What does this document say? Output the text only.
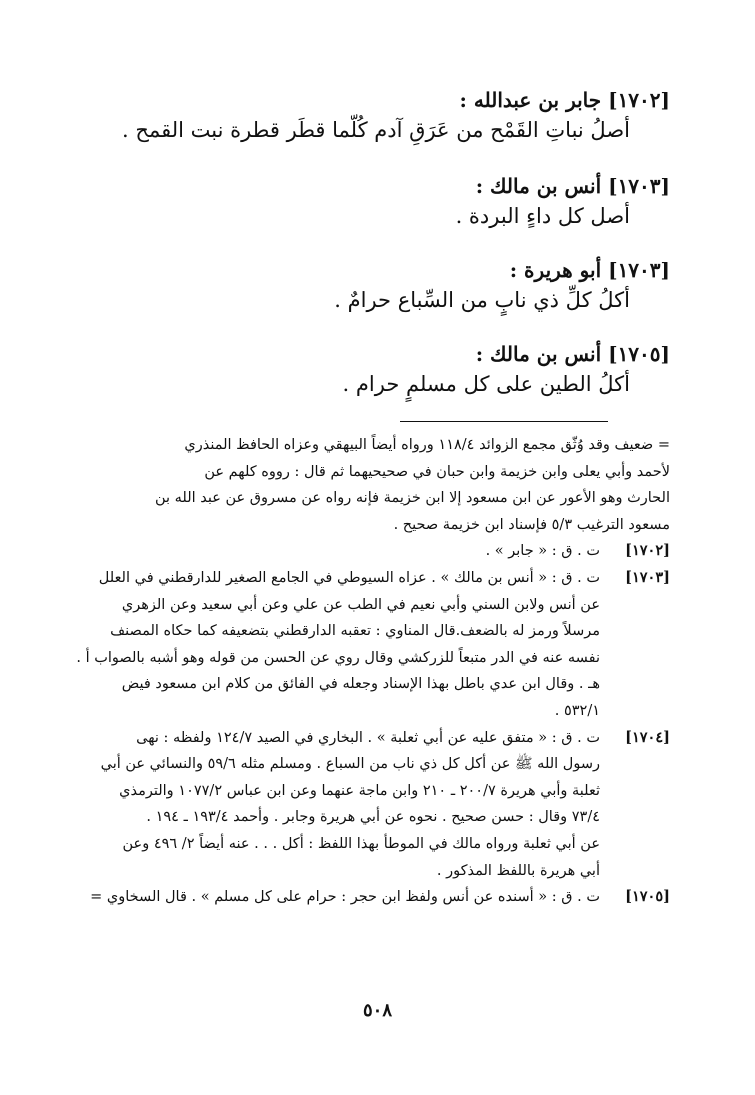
[١٧٠٢] جابر بن عبدالله :
أصلُ نباتِ القَمْح من عَرَقِ آدم كُلّما قطَر قطرة نبت القمح .
[١٧٠٣] أنس بن مالك :
أصل كل داءٍ البردة .
[١٧٠٣] أبو هريرة :
أكلُ كلِّ ذي نابٍ من السِّباع حرامٌ .
[١٧٠٥] أنس بن مالك :
أكلُ الطين على كل مسلمٍ حرام .
= ضعيف وقد وُثّق مجمع الزوائد ١١٨/٤ ورواه أيضاً البيهقي وعزاه الحافظ المنذري
لأحمد وأبي يعلى وابن خزيمة وابن حبان في صحيحيهما ثم قال : رووه كلهم عن
الحارث وهو الأعور عن ابن مسعود إلا ابن خزيمة فإنه رواه عن مسروق عن عبد الله بن
مسعود الترغيب ٥/٣ فإسناد ابن خزيمة صحيح .
[١٧٠٢]
ت . ق : « جابر » .
[١٧٠٣]
ت . ق : « أنس بن مالك » . عزاه السيوطي في الجامع الصغير للدارقطني في العلل
عن أنس ولابن السني وأبي نعيم في الطب عن علي وعن أبي سعيد وعن الزهري
مرسلاً ورمز له بالضعف.قال المناوي : تعقبه الدارقطني بتضعيفه كما حكاه المصنف
نفسه عنه في الدر متبعاً للزركشي وقال روي عن الحسن من قوله وهو أشبه بالصواب أ .
هـ . وقال ابن عدي باطل بهذا الإسناد وجعله في الفائق من كلام ابن مسعود فيض
٥٣٢/١ .
[١٧٠٤]
ت . ق : « متفق عليه عن أبي ثعلبة » . البخاري في الصيد ١٢٤/٧ ولفظه : نهى
رسول الله ﷺ عن أكل كل ذي ناب من السباع . ومسلم مثله ٥٩/٦ والنسائي عن أبي
ثعلبة وأبي هريرة ٢٠٠/٧ ـ ٢١٠ وابن ماجة عنهما وعن ابن عباس ١٠٧٧/٢ والترمذي
٧٣/٤ وقال : حسن صحيح . نحوه عن أبي هريرة وجابر . وأحمد ١٩٣/٤ ـ ١٩٤ .
عن أبي ثعلبة ورواه مالك في الموطأ بهذا اللفظ : أكل . . . عنه أيضاً ٢/ ٤٩٦ وعن
أبي هريرة باللفظ المذكور .
[١٧٠٥]
ت . ق : « أسنده عن أنس ولفظ ابن حجر : حرام على كل مسلم » . قال السخاوي =
٥٠٨
